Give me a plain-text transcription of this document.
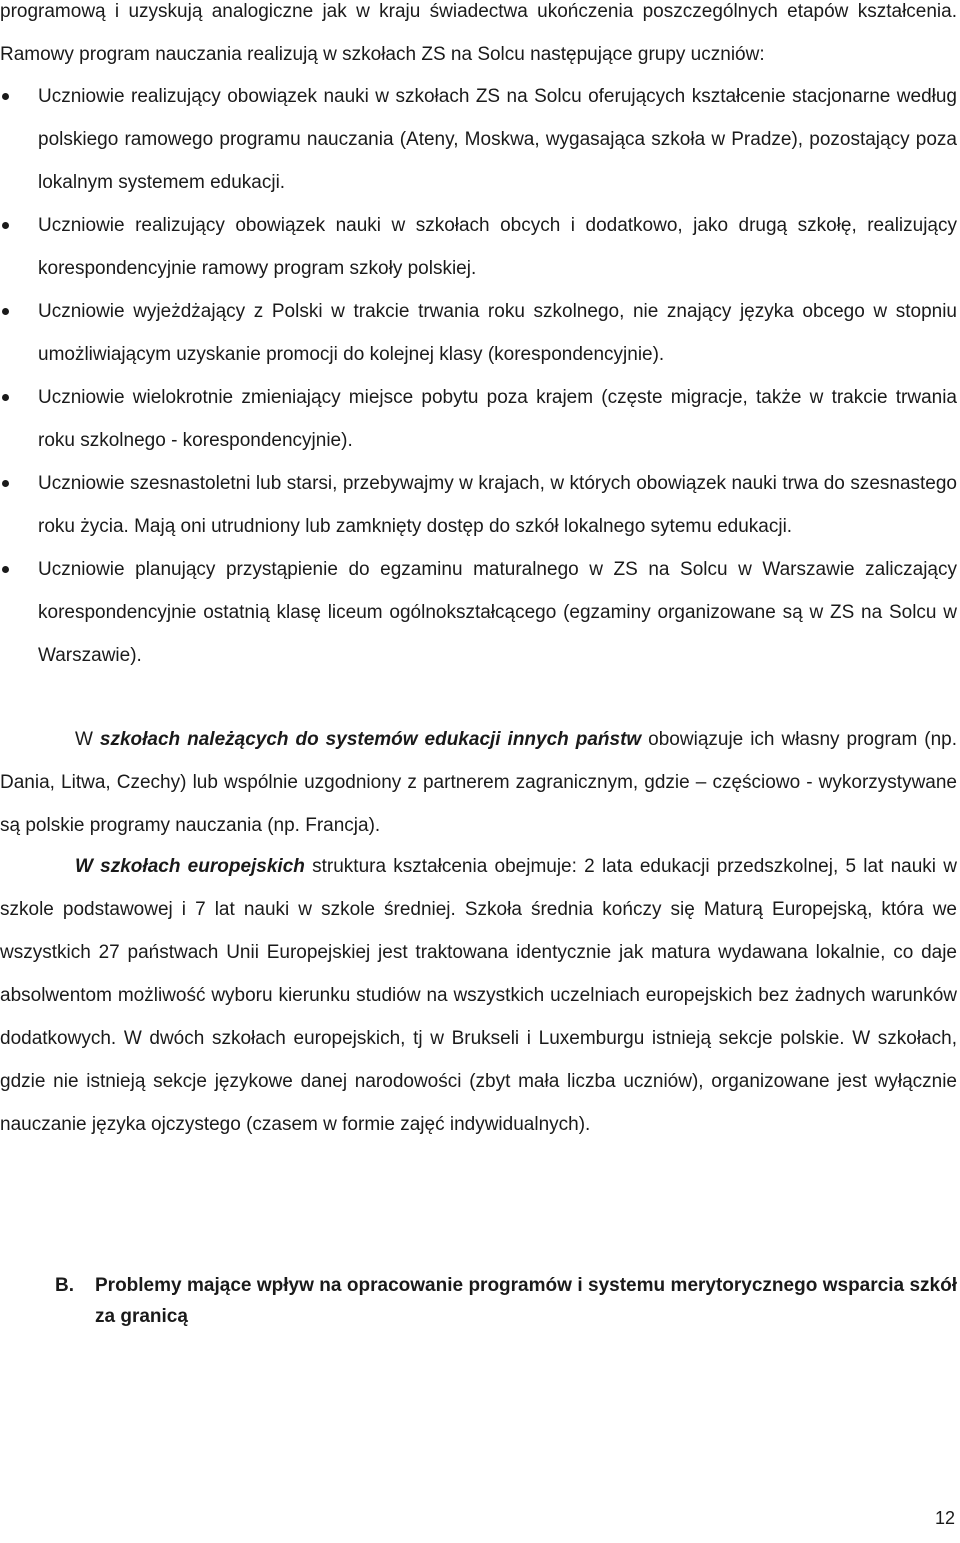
programową i uzyskują analogiczne jak w kraju świadectwa ukończenia poszczególnych etapów kształcenia. Ramowy program nauczania realizują w szkołach ZS na Solcu następujące grupy uczniów:

Uczniowie realizujący obowiązek nauki w szkołach ZS na Solcu oferujących kształcenie stacjonarne według polskiego ramowego programu nauczania (Ateny, Moskwa, wygasająca szkoła w Pradze), pozostający poza lokalnym systemem edukacji.
Uczniowie realizujący obowiązek nauki w szkołach obcych i dodatkowo, jako drugą szkołę, realizujący korespondencyjnie ramowy program szkoły polskiej.
Uczniowie wyjeżdżający z Polski w trakcie trwania roku szkolnego, nie znający języka obcego w stopniu umożliwiającym uzyskanie promocji do kolejnej klasy (korespondencyjnie).
Uczniowie wielokrotnie zmieniający miejsce pobytu poza krajem (częste migracje, także w trakcie trwania roku szkolnego - korespondencyjnie).
Uczniowie szesnastoletni lub starsi, przebywajmy w krajach, w których obowiązek nauki trwa do szesnastego roku życia. Mają oni utrudniony lub zamknięty dostęp do szkół lokalnego sytemu edukacji.
Uczniowie planujący przystąpienie do egzaminu maturalnego w ZS na Solcu w Warszawie zaliczający korespondencyjnie ostatnią klasę liceum ogólnokształcącego (egzaminy organizowane są w ZS na Solcu w Warszawie).

W szkołach należących do systemów edukacji innych państw obowiązuje ich własny program (np. Dania, Litwa, Czechy) lub wspólnie uzgodniony z partnerem zagranicznym, gdzie – częściowo - wykorzystywane są polskie programy nauczania (np. Francja).

W szkołach europejskich struktura kształcenia obejmuje: 2 lata edukacji przedszkolnej, 5 lat nauki w szkole podstawowej i 7 lat nauki w szkole średniej. Szkoła średnia kończy się Maturą Europejską, która we wszystkich 27 państwach Unii Europejskiej jest traktowana identycznie jak matura wydawana lokalnie, co daje absolwentom możliwość wyboru kierunku studiów na wszystkich uczelniach europejskich bez żadnych warunków dodatkowych. W dwóch szkołach europejskich, tj w Brukseli i Luxemburgu istnieją sekcje polskie. W szkołach, gdzie nie istnieją sekcje językowe danej narodowości (zbyt mała liczba uczniów), organizowane jest wyłącznie nauczanie języka ojczystego (czasem w formie zajęć indywidualnych).

B. Problemy mające wpływ na opracowanie programów i systemu merytorycznego wsparcia szkół za granicą
12
